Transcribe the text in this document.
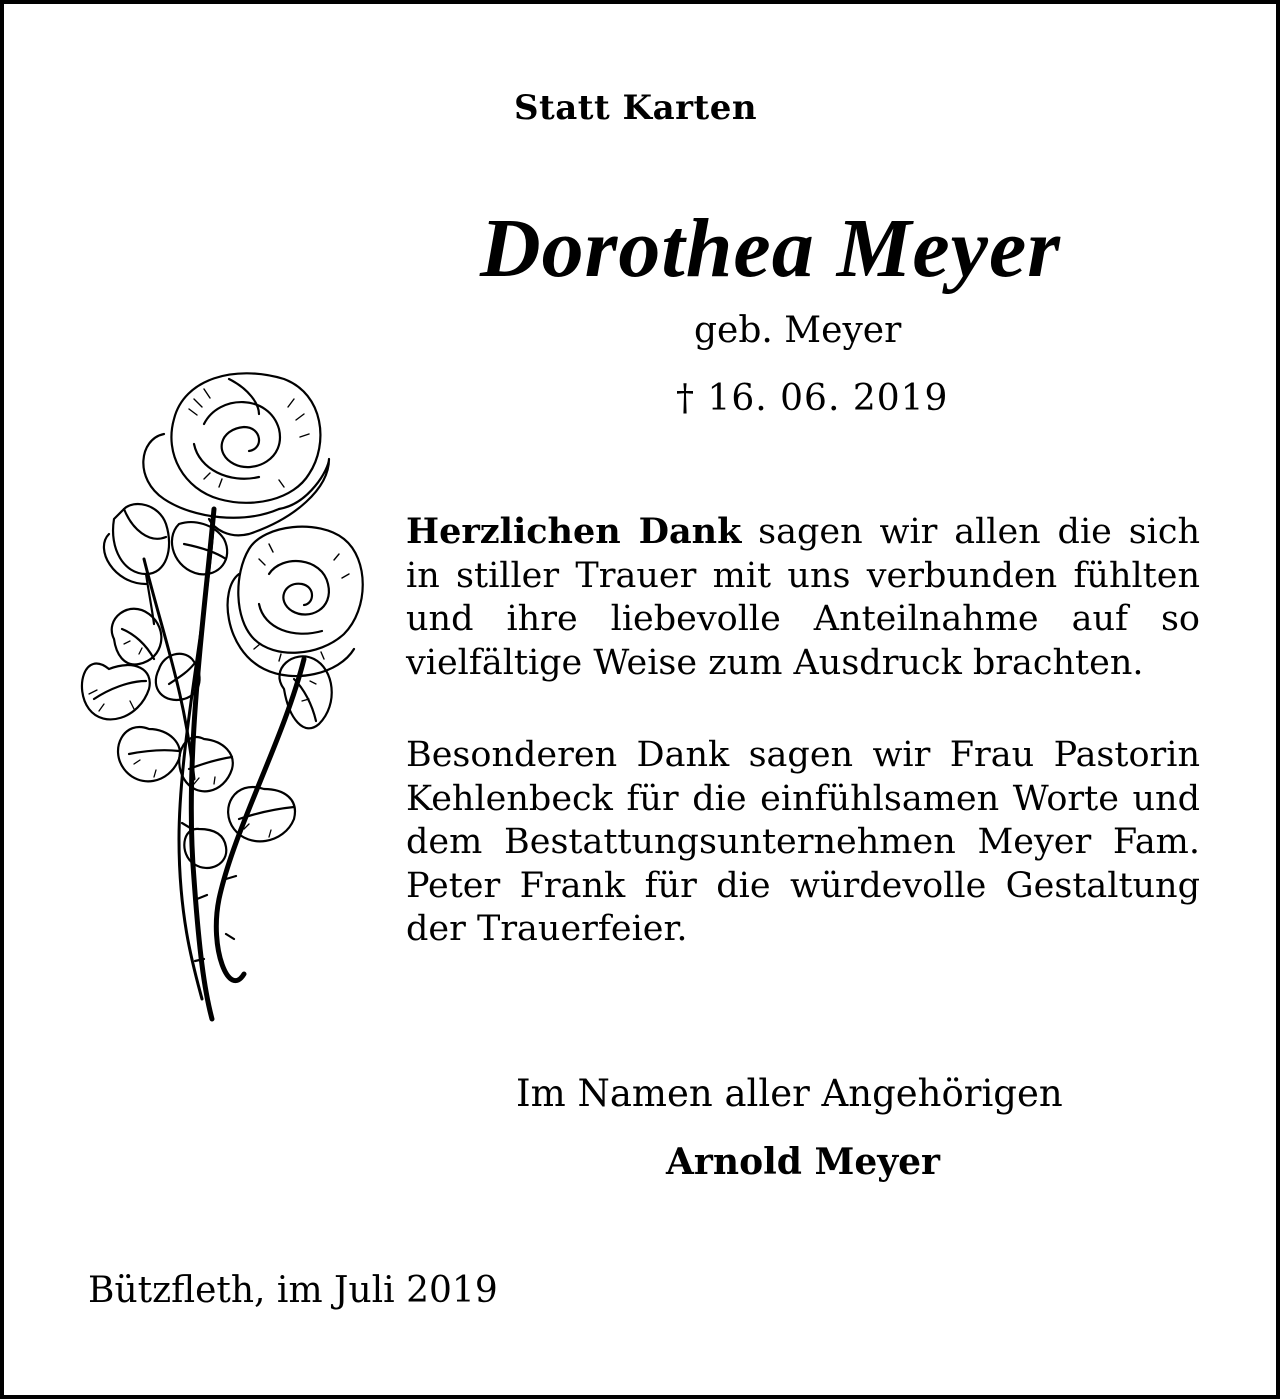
Statt Karten
Dorothea Meyer
geb. Meyer
† 16. 06. 2019
Herzlichen Dank sagen wir allen die sich in stiller Trauer mit uns verbunden fühlten und ihre liebevolle Anteilnahme auf so vielfältige Weise zum Ausdruck brachten.
Besonderen Dank sagen wir Frau Pastorin Kehlenbeck für die einfühlsamen Worte und dem Bestattungsunternehmen Meyer Fam. Peter Frank für die würdevolle Gestaltung der Trauerfeier.
Im Namen aller Angehörigen
Arnold Meyer
Bützfleth, im Juli 2019
